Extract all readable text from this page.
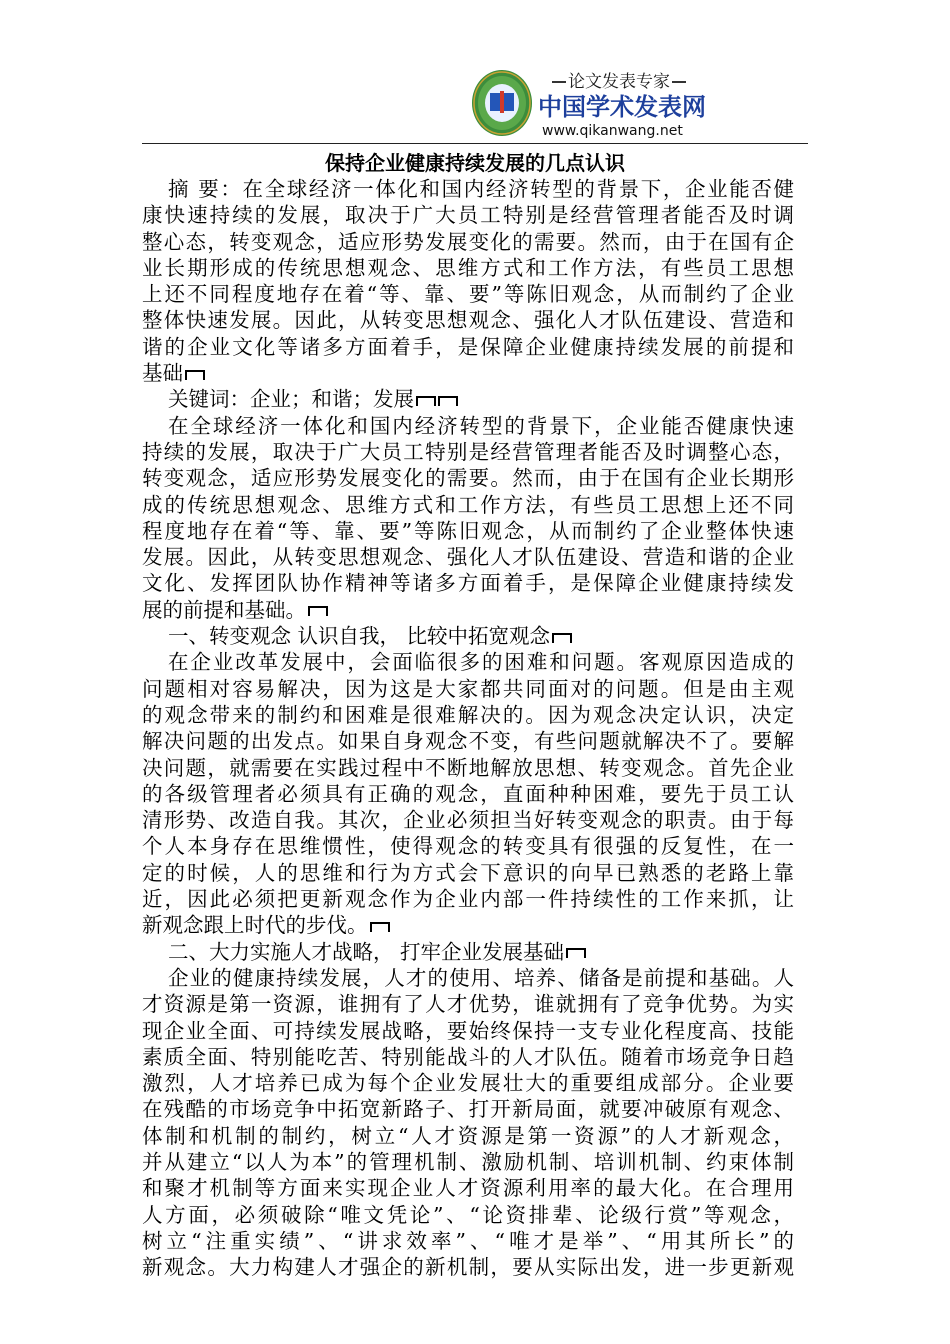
论文发表专家
中国学术发表网
www.qikanwang.net
保持企业健康持续发展的几点认识
摘 要：在全球经济一体化和国内经济转型的背景下，企业能否健
康快速持续的发展，取决于广大员工特别是经营管理者能否及时调
整心态，转变观念，适应形势发展变化的需要。然而，由于在国有企
业长期形成的传统思想观念、思维方式和工作方法，有些员工思想
上还不同程度地存在着“等、靠、要”等陈旧观念，从而制约了企业
整体快速发展。因此，从转变思想观念、强化人才队伍建设、营造和
谐的企业文化等诸多方面着手，是保障企业健康持续发展的前提和
基础
关键词：企业；和谐；发展
在全球经济一体化和国内经济转型的背景下，企业能否健康快速
持续的发展，取决于广大员工特别是经营管理者能否及时调整心态，
转变观念，适应形势发展变化的需要。然而，由于在国有企业长期形
成的传统思想观念、思维方式和工作方法，有些员工思想上还不同
程度地存在着“等、靠、要”等陈旧观念，从而制约了企业整体快速
发展。因此，从转变思想观念、强化人才队伍建设、营造和谐的企业
文化、发挥团队协作精神等诸多方面着手，是保障企业健康持续发
展的前提和基础。
一、转变观念 认识自我， 比较中拓宽观念
在企业改革发展中，会面临很多的困难和问题。客观原因造成的
问题相对容易解决，因为这是大家都共同面对的问题。但是由主观
的观念带来的制约和困难是很难解决的。因为观念决定认识，决定
解决问题的出发点。如果自身观念不变，有些问题就解决不了。要解
决问题，就需要在实践过程中不断地解放思想、转变观念。首先企业
的各级管理者必须具有正确的观念，直面种种困难，要先于员工认
清形势、改造自我。其次，企业必须担当好转变观念的职责。由于每
个人本身存在思维惯性，使得观念的转变具有很强的反复性，在一
定的时候，人的思维和行为方式会下意识的向早已熟悉的老路上靠
近，因此必须把更新观念作为企业内部一件持续性的工作来抓，让
新观念跟上时代的步伐。
二、大力实施人才战略， 打牢企业发展基础
企业的健康持续发展，人才的使用、培养、储备是前提和基础。人
才资源是第一资源，谁拥有了人才优势，谁就拥有了竞争优势。为实
现企业全面、可持续发展战略，要始终保持一支专业化程度高、技能
素质全面、特别能吃苦、特别能战斗的人才队伍。随着市场竞争日趋
激烈，人才培养已成为每个企业发展壮大的重要组成部分。企业要
在残酷的市场竞争中拓宽新路子、打开新局面，就要冲破原有观念、
体制和机制的制约，树立“人才资源是第一资源”的人才新观念，
并从建立“以人为本”的管理机制、激励机制、培训机制、约束体制
和聚才机制等方面来实现企业人才资源利用率的最大化。在合理用
人方面，必须破除“唯文凭论”、“论资排辈、论级行赏”等观念，
树立“注重实绩”、“讲求效率”、“唯才是举”、“用其所长”的
新观念。大力构建人才强企的新机制，要从实际出发，进一步更新观
